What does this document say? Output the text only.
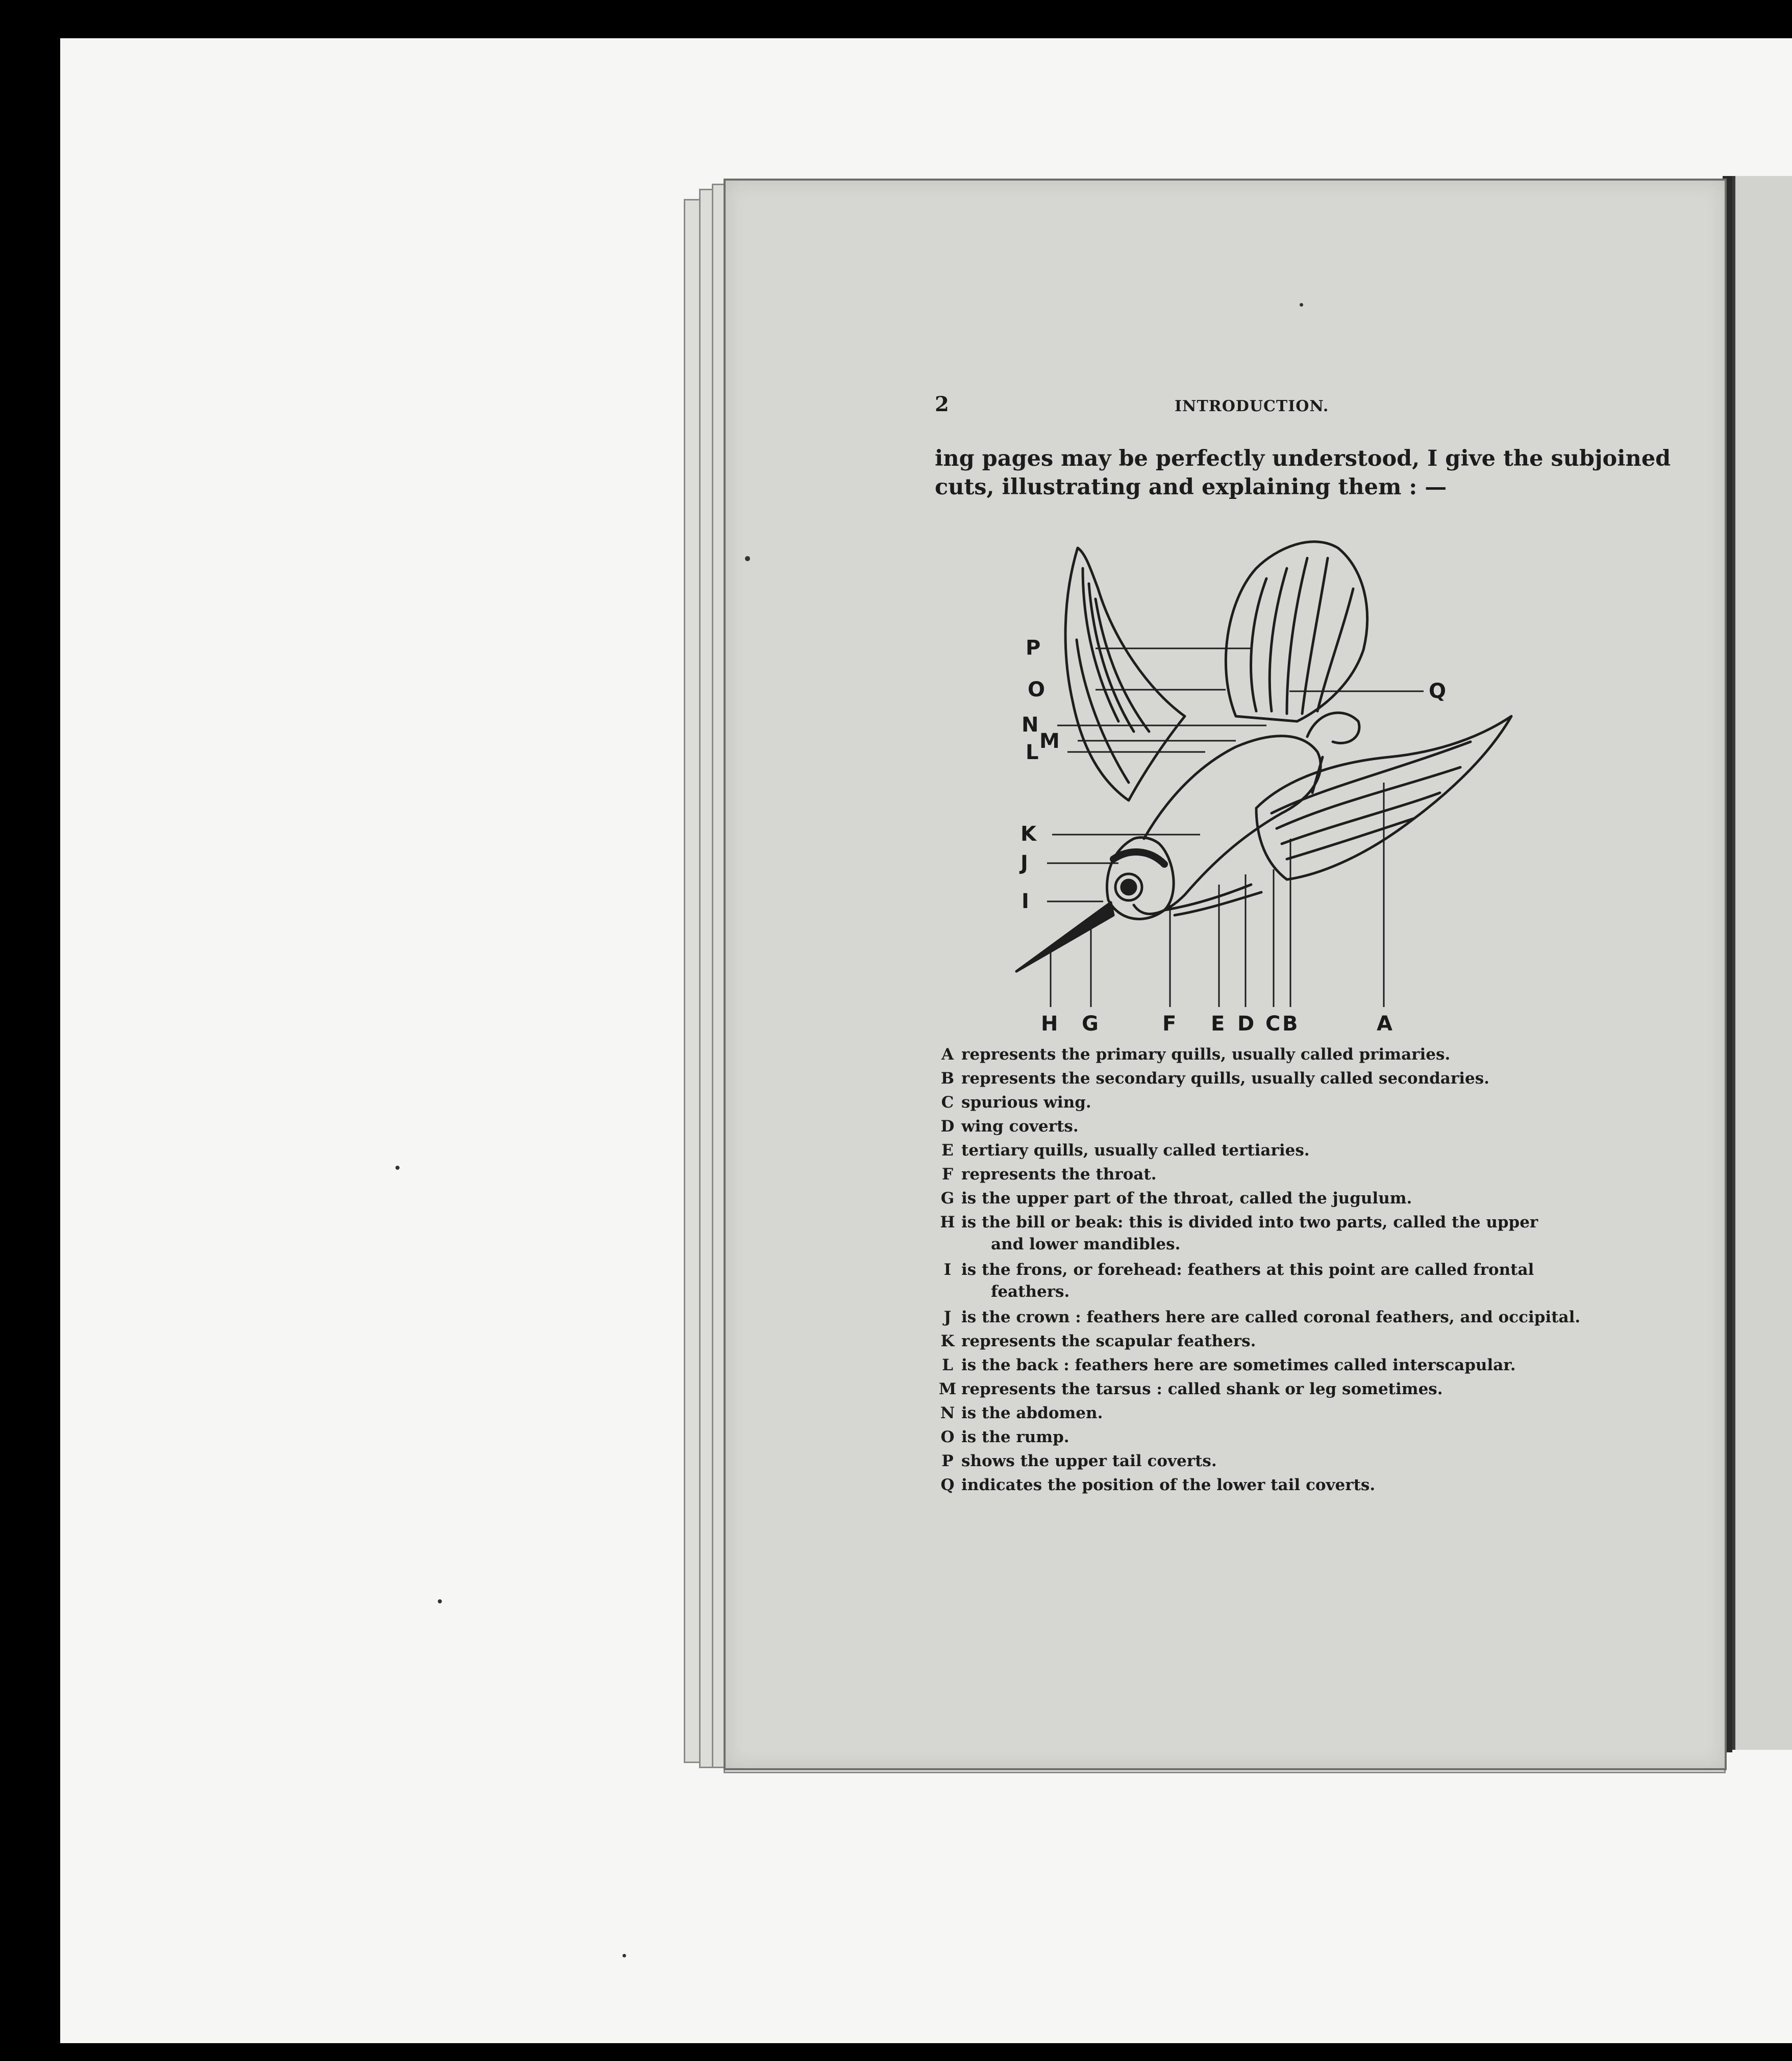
2	INTRODUCTION.
ing pages may be perfectly understood, I give the subjoined
cuts, illustrating and explaining them : —
P
O	Q
N
M
L
K
J
I
H G	F E D C B	A
A represents the primary quills, usually called primaries.
B represents the secondary quills, usually called secondaries.
C spurious wing.
D wing coverts.
E tertiary quills, usually called tertiaries.
F represents the throat.
G is the upper part of the throat, called the jugulum.
H is the bill or beak: this is divided into two parts, called the upper
and lower mandibles.
I is the frons, or forehead: feathers at this point are called frontal
feathers.
J is the crown : feathers here are called coronal feathers, and occipital.
K represents the scapular feathers.
L is the back : feathers here are sometimes called interscapular.
M represents the tarsus : called shank or leg sometimes.
N is the abdomen.
O is the rump.
P shows the upper tail coverts.
Q indicates the position of the lower tail coverts.
